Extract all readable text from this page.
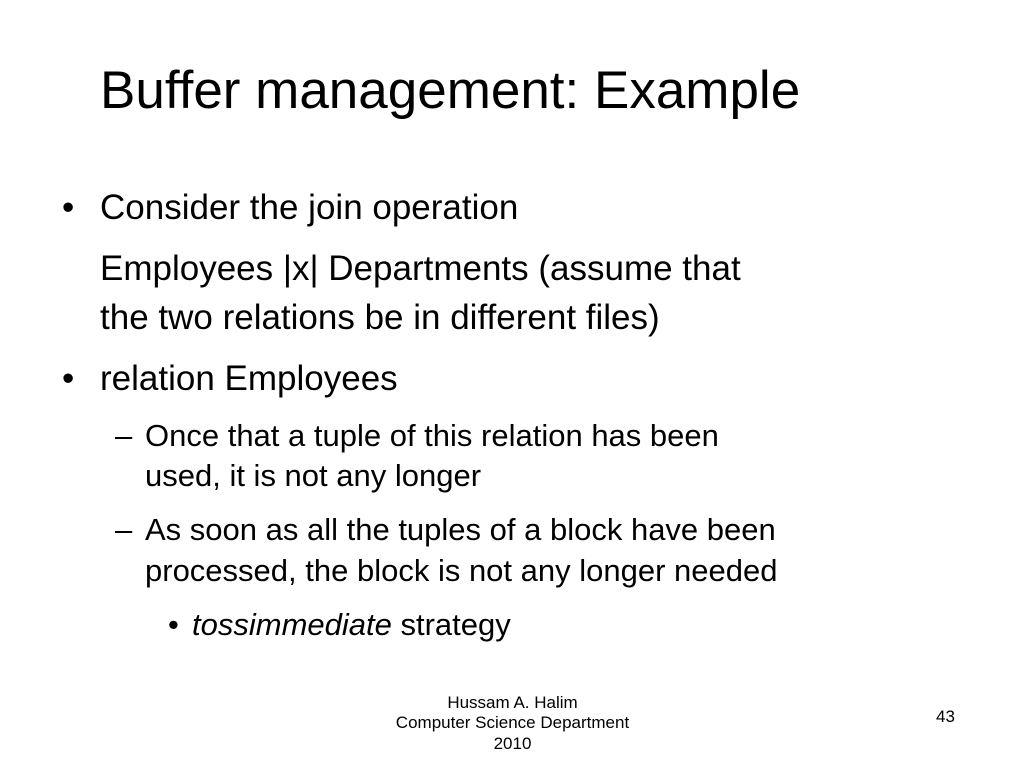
Buffer management: Example
• Consider the join operation
Employees |x| Departments (assume that
the two relations be in different files)
• relation Employees
– Once that a tuple of this relation has been
used, it is not any longer
– As soon as all the tuples of a block have been
processed, the block is not any longer needed
• tossimmediate strategy
Hussam A. Halim
Computer Science Department
2010
43
